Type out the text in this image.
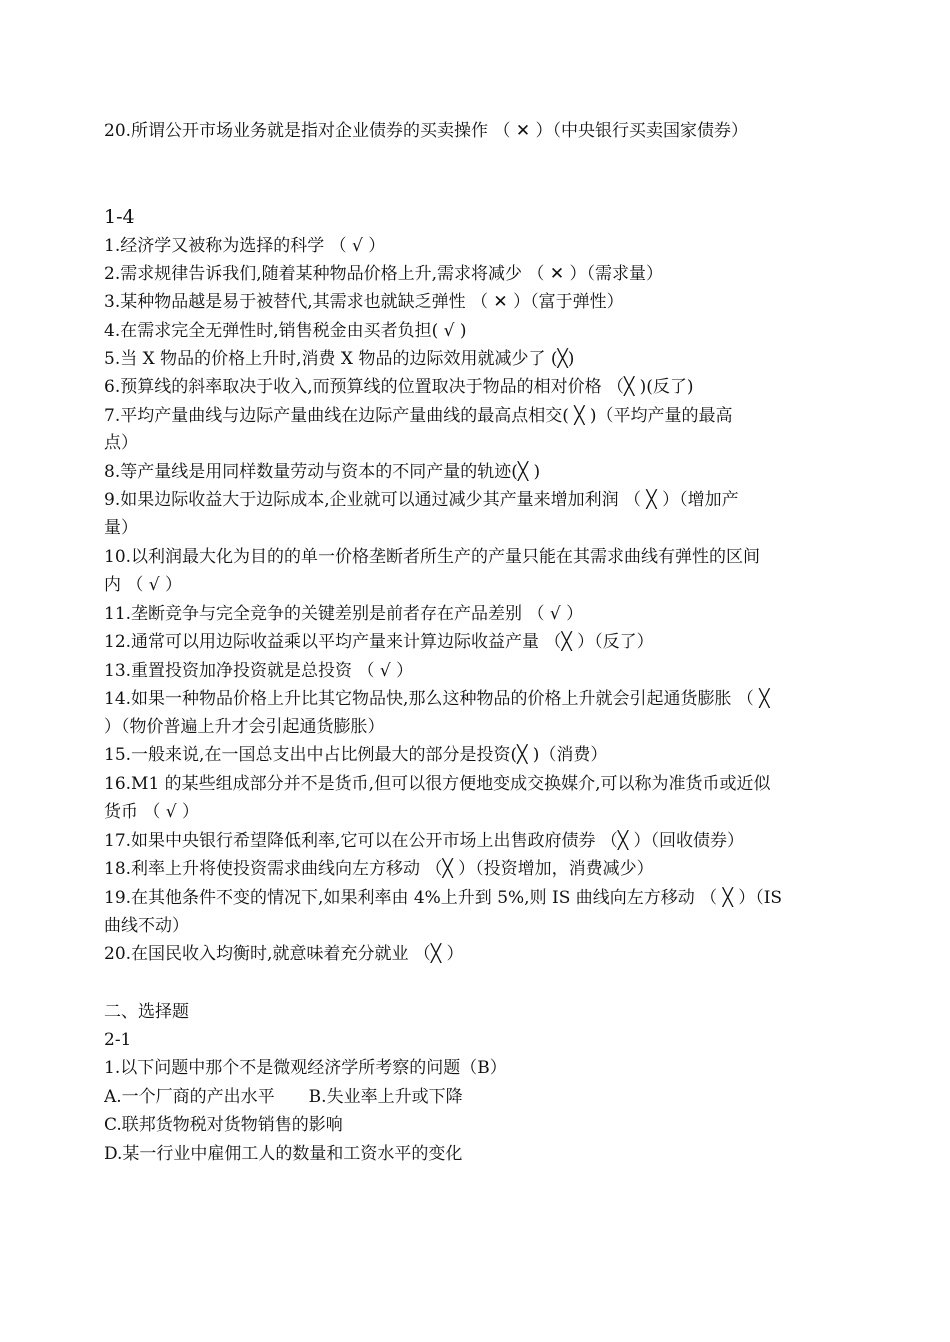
20.所谓公开市场业务就是指对企业债券的买卖操作 （ ✕ ）（中央银行买卖国家债券）
1-4
1.经济学又被称为选择的科学 （ √ ）
2.需求规律告诉我们,随着某种物品价格上升,需求将减少 （ ✕ ）（需求量）
3.某种物品越是易于被替代,其需求也就缺乏弹性 （ ✕ ）（富于弹性）
4.在需求完全无弹性时,销售税金由买者负担( √ )
5.当 X 物品的价格上升时,消费 X 物品的边际效用就减少了 (╳)
6.预算线的斜率取决于收入,而预算线的位置取决于物品的相对价格 （╳ )(反了)
7.平均产量曲线与边际产量曲线在边际产量曲线的最高点相交( ╳ )（平均产量的最高
点）
8.等产量线是用同样数量劳动与资本的不同产量的轨迹(╳ )
9.如果边际收益大于边际成本,企业就可以通过减少其产量来增加利润 （ ╳ ）（增加产
量）
10.以利润最大化为目的的单一价格垄断者所生产的产量只能在其需求曲线有弹性的区间
内 （ √ ）
11.垄断竞争与完全竞争的关键差别是前者存在产品差别 （ √ ）
12.通常可以用边际收益乘以平均产量来计算边际收益产量 （╳ ）（反了）
13.重置投资加净投资就是总投资 （ √ ）
14.如果一种物品价格上升比其它物品快,那么这种物品的价格上升就会引起通货膨胀 （ ╳
）（物价普遍上升才会引起通货膨胀）
15.一般来说,在一国总支出中占比例最大的部分是投资(╳ )（消费）
16.M1 的某些组成部分并不是货币,但可以很方便地变成交换媒介,可以称为准货币或近似
货币 （ √ ）
17.如果中央银行希望降低利率,它可以在公开市场上出售政府债券 （╳ ）（回收债券）
18.利率上升将使投资需求曲线向左方移动 （╳ ）（投资增加，消费减少）
19.在其他条件不变的情况下,如果利率由 4%上升到 5%,则 IS 曲线向左方移动 （ ╳ ）（IS
曲线不动）
20.在国民收入均衡时,就意味着充分就业 （╳ ）
二、选择题
2-1
1.以下问题中那个不是微观经济学所考察的问题（B）
A.一个厂商的产出水平　　B.失业率上升或下降
C.联邦货物税对货物销售的影响
D.某一行业中雇佣工人的数量和工资水平的变化
